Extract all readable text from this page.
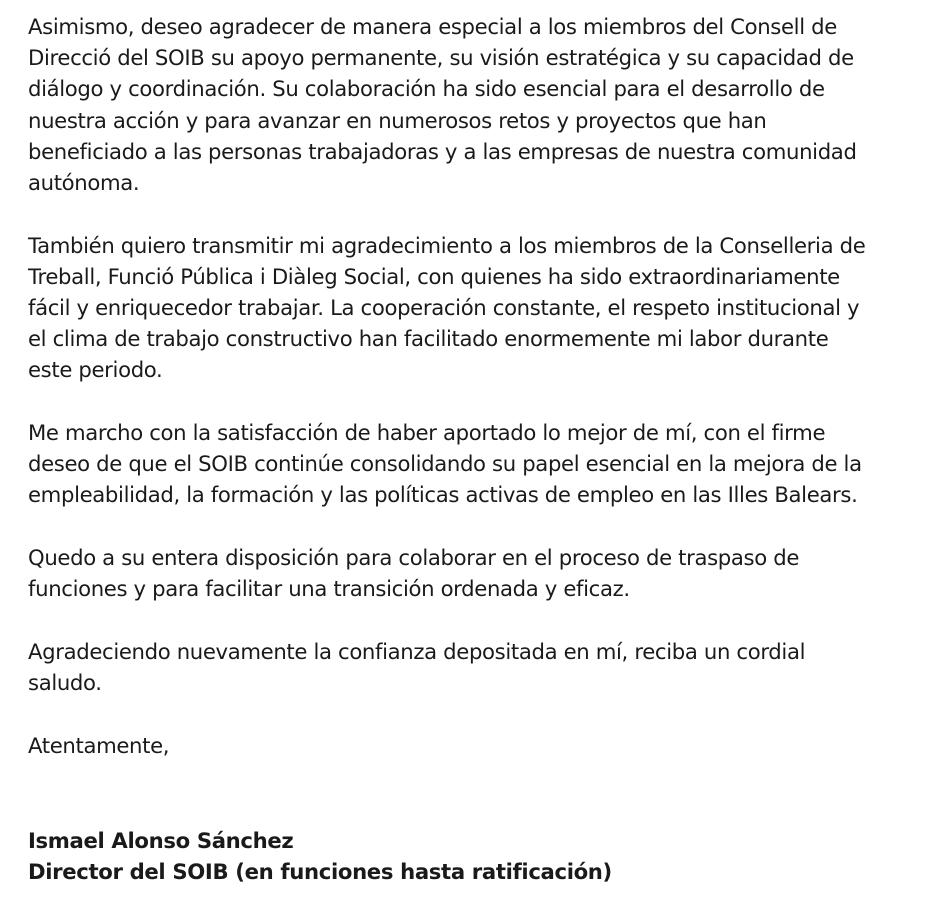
Asimismo, deseo agradecer de manera especial a los miembros del Consell de
Direcció del SOIB su apoyo permanente, su visión estratégica y su capacidad de
diálogo y coordinación. Su colaboración ha sido esencial para el desarrollo de
nuestra acción y para avanzar en numerosos retos y proyectos que han
beneficiado a las personas trabajadoras y a las empresas de nuestra comunidad
autónoma.

También quiero transmitir mi agradecimiento a los miembros de la Conselleria de
Treball, Funció Pública i Diàleg Social, con quienes ha sido extraordinariamente
fácil y enriquecedor trabajar. La cooperación constante, el respeto institucional y
el clima de trabajo constructivo han facilitado enormemente mi labor durante
este periodo.

Me marcho con la satisfacción de haber aportado lo mejor de mí, con el firme
deseo de que el SOIB continúe consolidando su papel esencial en la mejora de la
empleabilidad, la formación y las políticas activas de empleo en las Illes Balears.

Quedo a su entera disposición para colaborar en el proceso de traspaso de
funciones y para facilitar una transición ordenada y eficaz.

Agradeciendo nuevamente la confianza depositada en mí, reciba un cordial
saludo.

Atentamente,

Ismael Alonso Sánchez
Director del SOIB (en funciones hasta ratificación)
